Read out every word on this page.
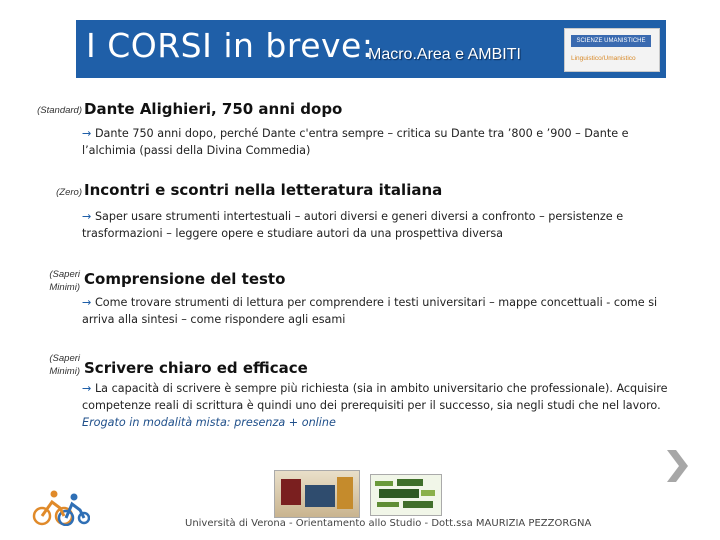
I CORSI in breve:
Macro.Area e AMBITI
SCIENZE UMANISTICHE
Linguistico/Umanistico
(Standard) Dante Alighieri, 750 anni dopo
→ Dante 750 anni dopo, perché Dante c'entra sempre – critica su Dante tra ’800 e ’900 – Dante e l’alchimia (passi della Divina Commedia)
(Zero) Incontri e scontri nella letteratura italiana
→ Saper usare strumenti intertestuali – autori diversi e generi diversi a confronto – persistenze e trasformazioni – leggere opere e studiare autori da una prospettiva diversa
(Saperi
Minimi) Comprensione del testo
→ Come trovare strumenti di lettura per comprendere i testi universitari – mappe concettuali - come si arriva alla sintesi – come rispondere agli esami
(Saperi
Minimi) Scrivere chiaro ed efficace
→ La capacità di scrivere è sempre più richiesta (sia in ambito universitario che professionale). Acquisire competenze reali di scrittura è quindi uno dei prerequisiti per il successo, sia negli studi che nel lavoro.
Erogato in modalità mista: presenza + online
Università di Verona - Orientamento allo Studio - Dott.ssa MAURIZIA PEZZORGNA
